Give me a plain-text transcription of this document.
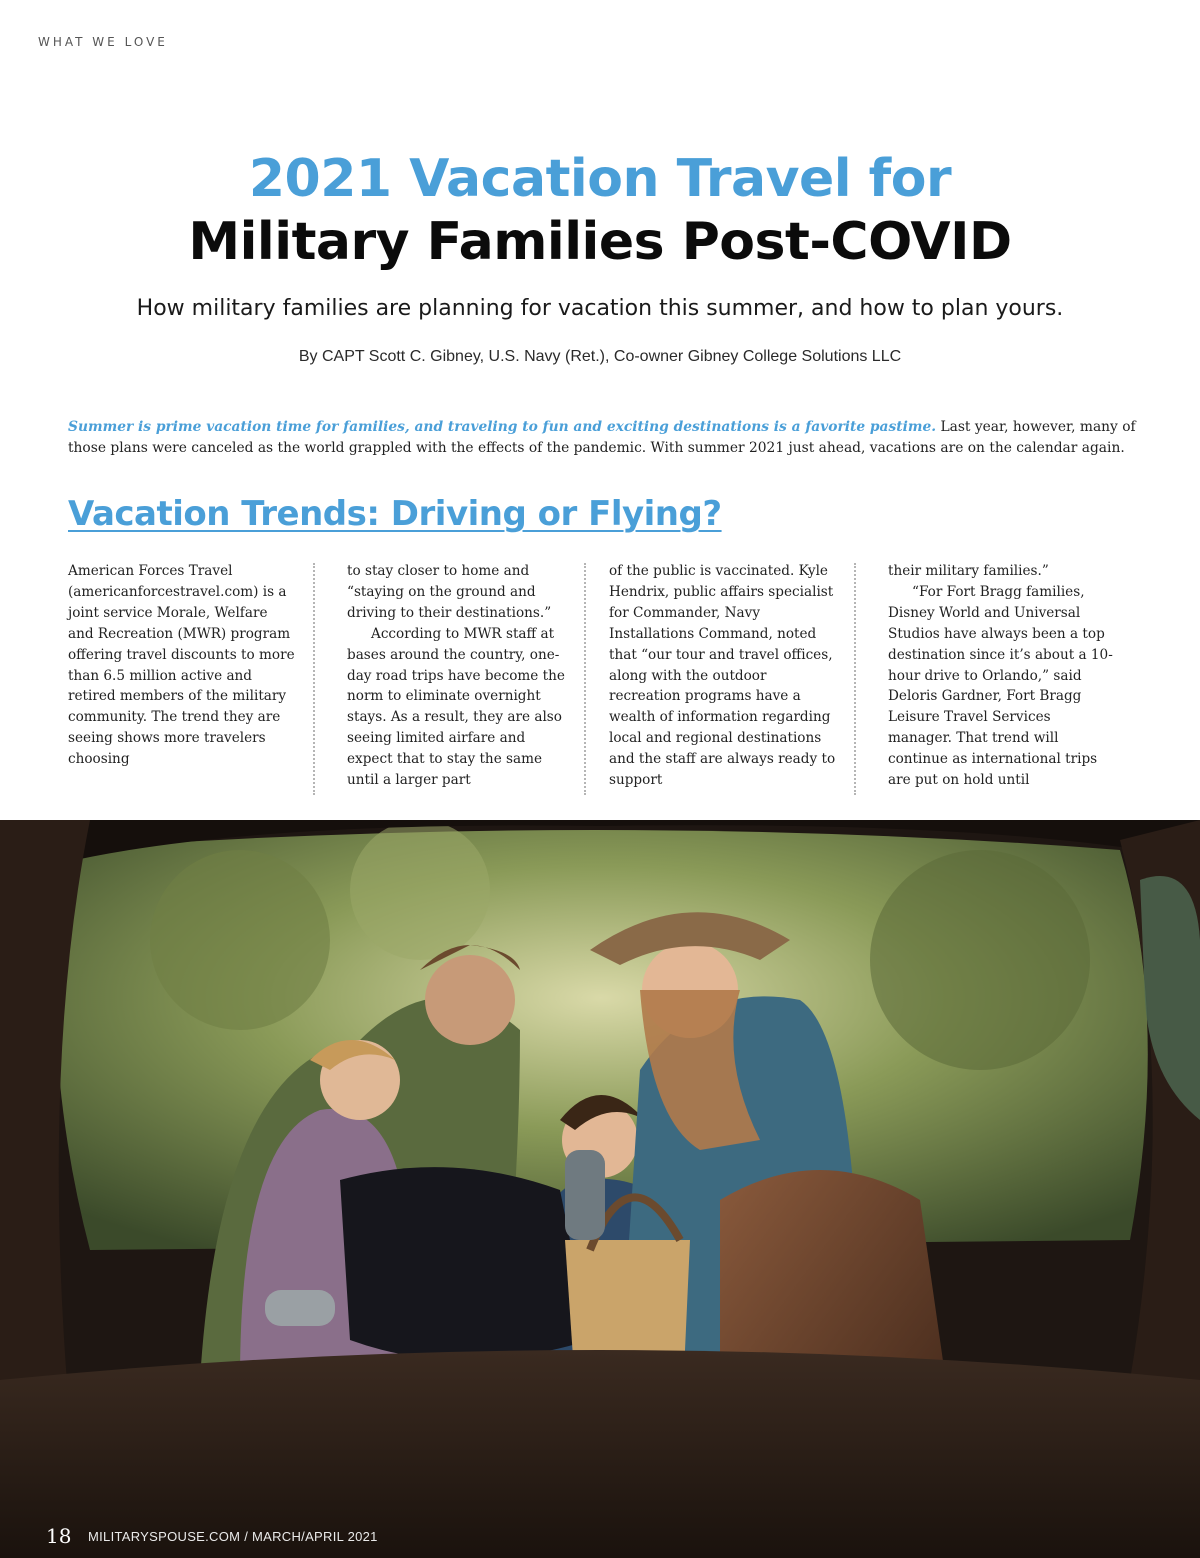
WHAT WE LOVE
2021 Vacation Travel for
Military Families Post-COVID
How military families are planning for vacation this summer, and how to plan yours.
By CAPT Scott C. Gibney, U.S. Navy (Ret.), Co-owner Gibney College Solutions LLC
Summer is prime vacation time for families, and traveling to fun and exciting destinations is a favorite pastime. Last year, however, many of those plans were canceled as the world grappled with the effects of the pandemic. With summer 2021 just ahead, vacations are on the calendar again.
Vacation Trends: Driving or Flying?

American Forces Travel (americanforcestravel.com) is a joint service Morale, Welfare and Recreation (MWR) program offering travel discounts to more than 6.5 million active and retired members of the military community. The trend they are seeing shows more travelers choosing

to stay closer to home and “staying on the ground and driving to their destinations.”

According to MWR staff at bases around the country, one-day road trips have become the norm to eliminate overnight stays. As a result, they are also seeing limited airfare and expect that to stay the same until a larger part

of the public is vaccinated. Kyle Hendrix, public affairs specialist for Commander, Navy Installations Command, noted that “our tour and travel offices, along with the outdoor recreation programs have a wealth of information regarding local and regional destinations and the staff are always ready to support

their military families.”

“For Fort Bragg families, Disney World and Universal Studios have always been a top destination since it’s about a 10-hour drive to Orlando,” said Deloris Gardner, Fort Bragg Leisure Travel Services manager. That trend will continue as international trips are put on hold until

18 MILITARYSPOUSE.COM / MARCH/APRIL 2021
